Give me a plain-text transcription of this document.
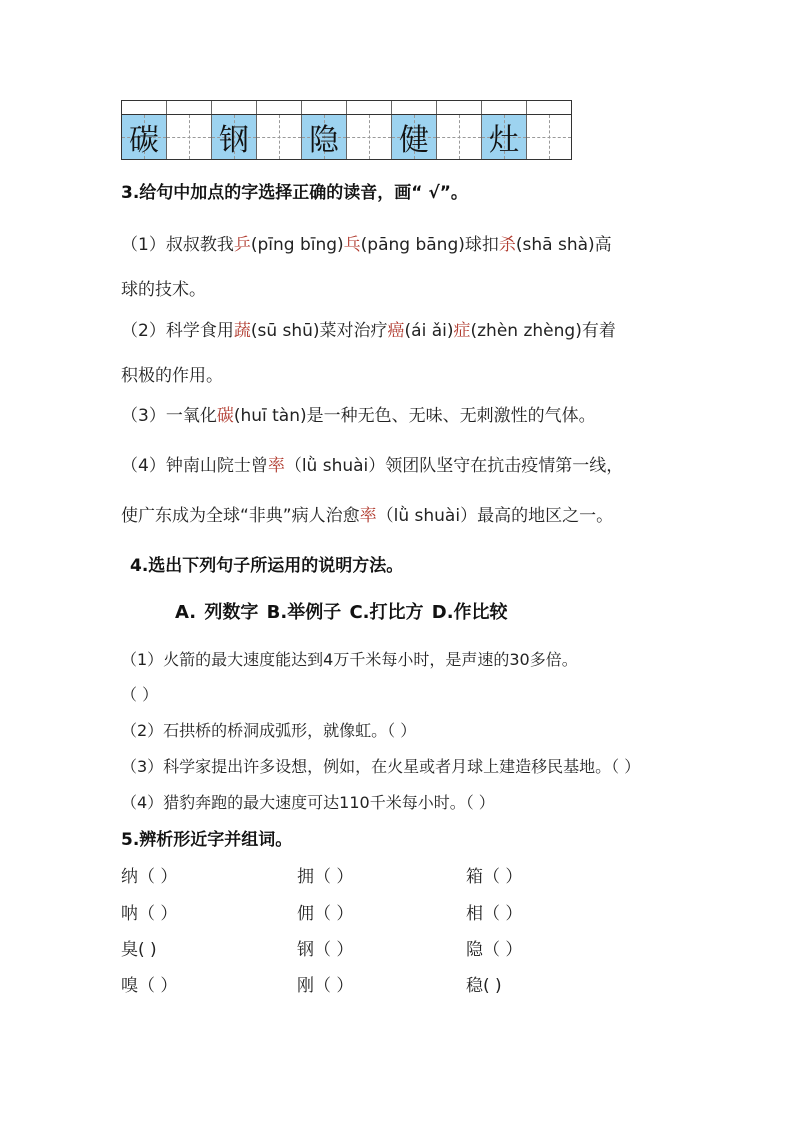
碳 钢 隐 健 灶
3.给句中加点的字选择正确的读音，画“ √”。
（1）叔叔教我乒(pīng bīng)乓(pāng bāng)球扣杀(shā shà)高
球的技术。
（2）科学食用蔬(sū shū)菜对治疗癌(ái ǎi)症(zhèn zhèng)有着
积极的作用。
（3）一氧化碳(huī tàn)是一种无色、无味、无刺激性的气体。
（4）钟南山院士曾率（lǜ shuài）领团队坚守在抗击疫情第一线，
使广东成为全球“非典”病人治愈率（lǜ shuài）最高的地区之一。
4.选出下列句子所运用的说明方法。
A. 列数字 B.举例子 C.打比方 D.作比较
（1）火箭的最大速度能达到4万千米每小时，是声速的30多倍。
（ ）
（2）石拱桥的桥洞成弧形，就像虹。（ ）
（3）科学家提出许多设想，例如，在火星或者月球上建造移民基地。（ ）
（4）猎豹奔跑的最大速度可达110千米每小时。（ ）
5.辨析形近字并组词。
纳（ ）	拥（ ）	箱（ ）
呐（ ）	佣（ ）	相（ ）
臭( )	钢（ ）	隐（ ）
嗅（ ）	刚（ ）	稳( )
